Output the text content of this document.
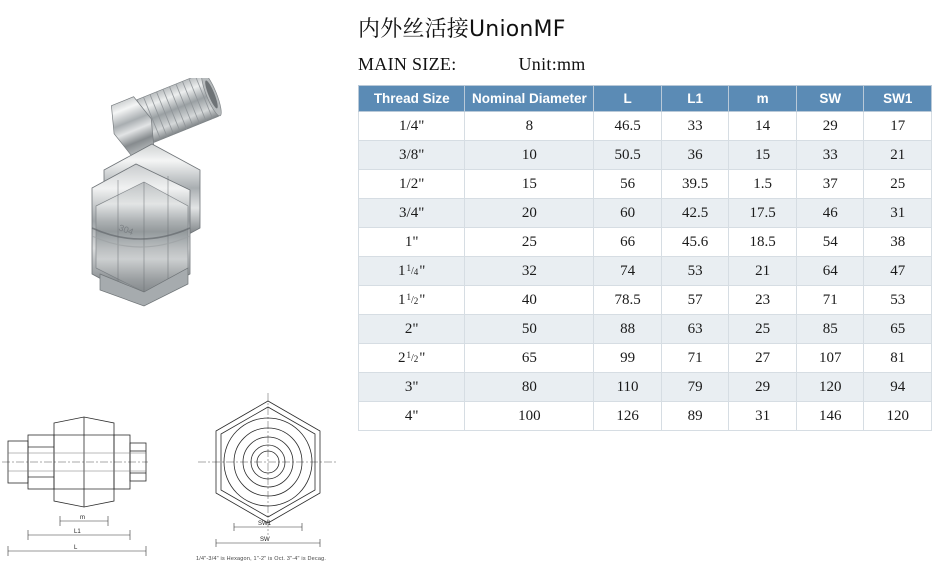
304
内外丝活接UnionMF
MAIN SIZE:	Unit:mm
Thread Size	Nominal Diameter	L	L1	m	SW	SW1
1/4"	8	46.5	33	14	29	17
3/8"	10	50.5	36	15	33	21
1/2"	15	56	39.5	1.5	37	25
3/4"	20	60	42.5	17.5	46	31
1"	25	66	45.6	18.5	54	38
$1^1/_4$"	32	74	53	21	64	47
$1^1/_2$"	40	78.5	57	23	71	53
2"	50	88	63	25	85	65
$2^1/_2$"	65	99	71	27	107	81
3"	80	110	79	29	120	94
4"	100	126	89	31	146	120
m
L1
L
SW1
SW
1/4"-3/4" is Hexagon, 1"-2" is Oct. 3"-4" is Decag.
